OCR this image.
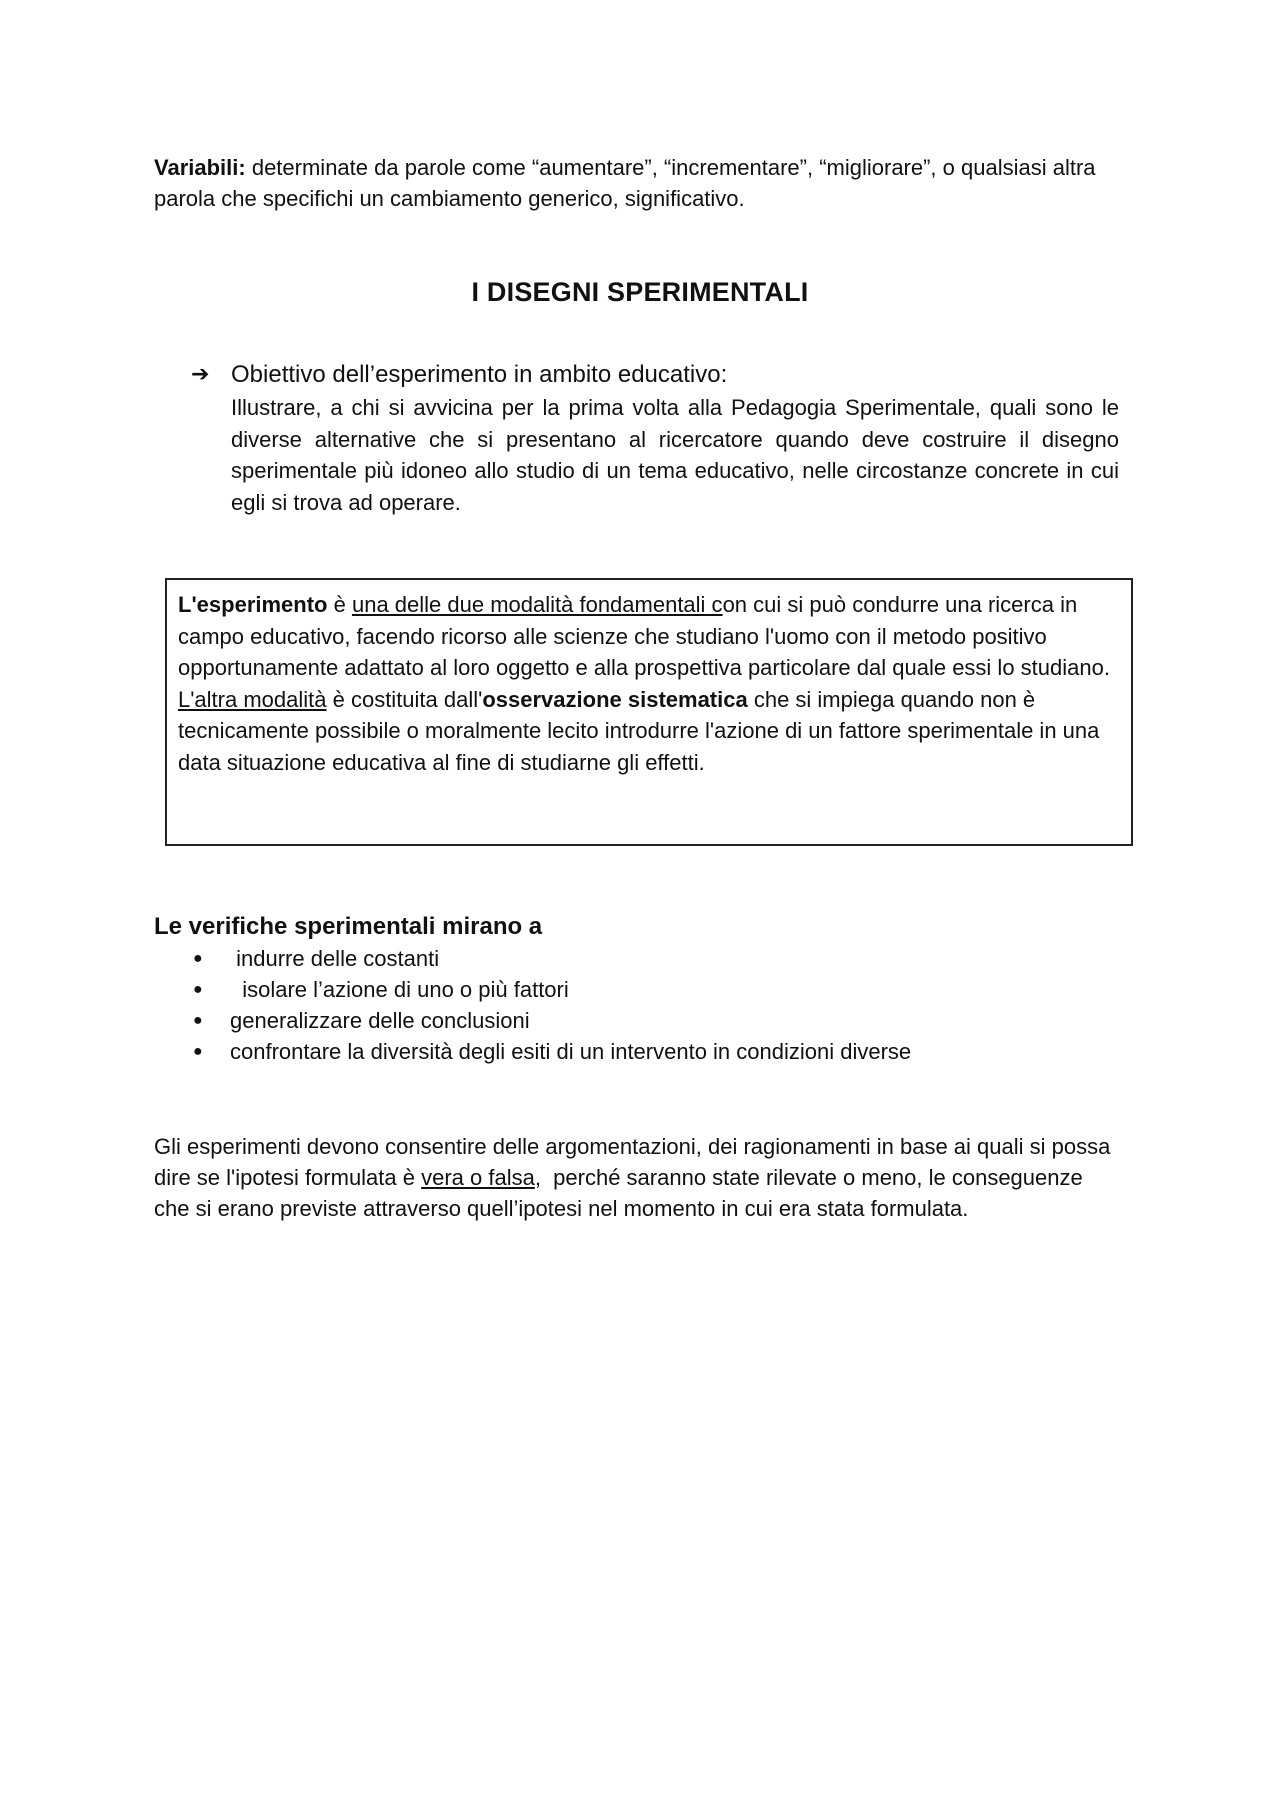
Variabili: determinate da parole come “aumentare”, “incrementare”, “migliorare”, o qualsiasi altra parola che specifichi un cambiamento generico, significativo.

I DISEGNI SPERIMENTALI
➔ Obiettivo dell’esperimento in ambito educativo:

Illustrare, a chi si avvicina per la prima volta alla Pedagogia Sperimentale, quali sono le diverse alternative che si presentano al ricercatore quando deve costruire il disegno sperimentale più idoneo allo studio di un tema educativo, nelle circostanze concrete in cui egli si trova ad operare.

L'esperimento è una delle due modalità fondamentali con cui si può condurre una ricerca in campo educativo, facendo ricorso alle scienze che studiano l'uomo con il metodo positivo opportunamente adattato al loro oggetto e alla prospettiva particolare dal quale essi lo studiano.
L'altra modalità è costituita dall'osservazione sistematica che si impiega quando non è tecnicamente possibile o moralmente lecito introdurre l'azione di un fattore sperimentale in una data situazione educativa al fine di studiarne gli effetti.

Le verifiche sperimentali mirano a
● indurre delle costanti
● isolare l’azione di uno o più fattori
● generalizzare delle conclusioni
● confrontare la diversità degli esiti di un intervento in condizioni diverse

Gli esperimenti devono consentire delle argomentazioni, dei ragionamenti in base ai quali si possa dire se l'ipotesi formulata è vera o falsa,  perché saranno state rilevate o meno, le conseguenze che si erano previste attraverso quell’ipotesi nel momento in cui era stata formulata.
